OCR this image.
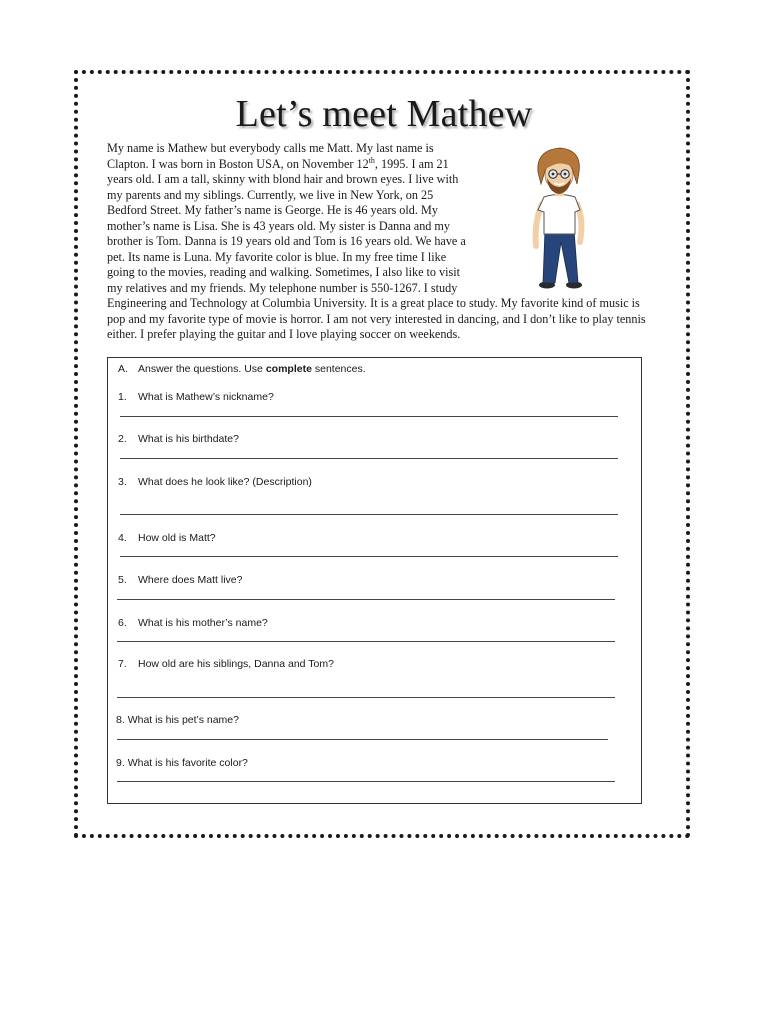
Let’s meet Mathew
My name is Mathew but everybody calls me Matt. My last name is
Clapton. I was born in Boston USA, on November 12th, 1995. I am 21
years old. I am a tall, skinny with blond hair and brown eyes. I live with
my parents and my siblings. Currently, we live in New York, on 25
Bedford Street. My father’s name is George. He is 46 years old. My
mother’s name is Lisa. She is 43 years old. My sister is Danna and my
brother is Tom. Danna is 19 years old and Tom is 16 years old. We have a
pet. Its name is Luna. My favorite color is blue. In my free time I like
going to the movies, reading and walking. Sometimes, I also like to visit
my relatives and my friends. My telephone number is 550-1267. I study
Engineering and Technology at Columbia University. It is a great place to study. My favorite kind of music is
pop and my favorite type of movie is horror. I am not very interested in dancing, and I don’t like to play tennis
either. I prefer playing the guitar and I love playing soccer on weekends.
A. Answer the questions. Use complete sentences.
1. What is Mathew’s nickname?
2. What is his birthdate?
3. What does he look like? (Description)
4. How old is Matt?
5. Where does Matt live?
6. What is his mother’s name?
7. How old are his siblings, Danna and Tom?
8. What is his pet’s name?
9. What is his favorite color?
